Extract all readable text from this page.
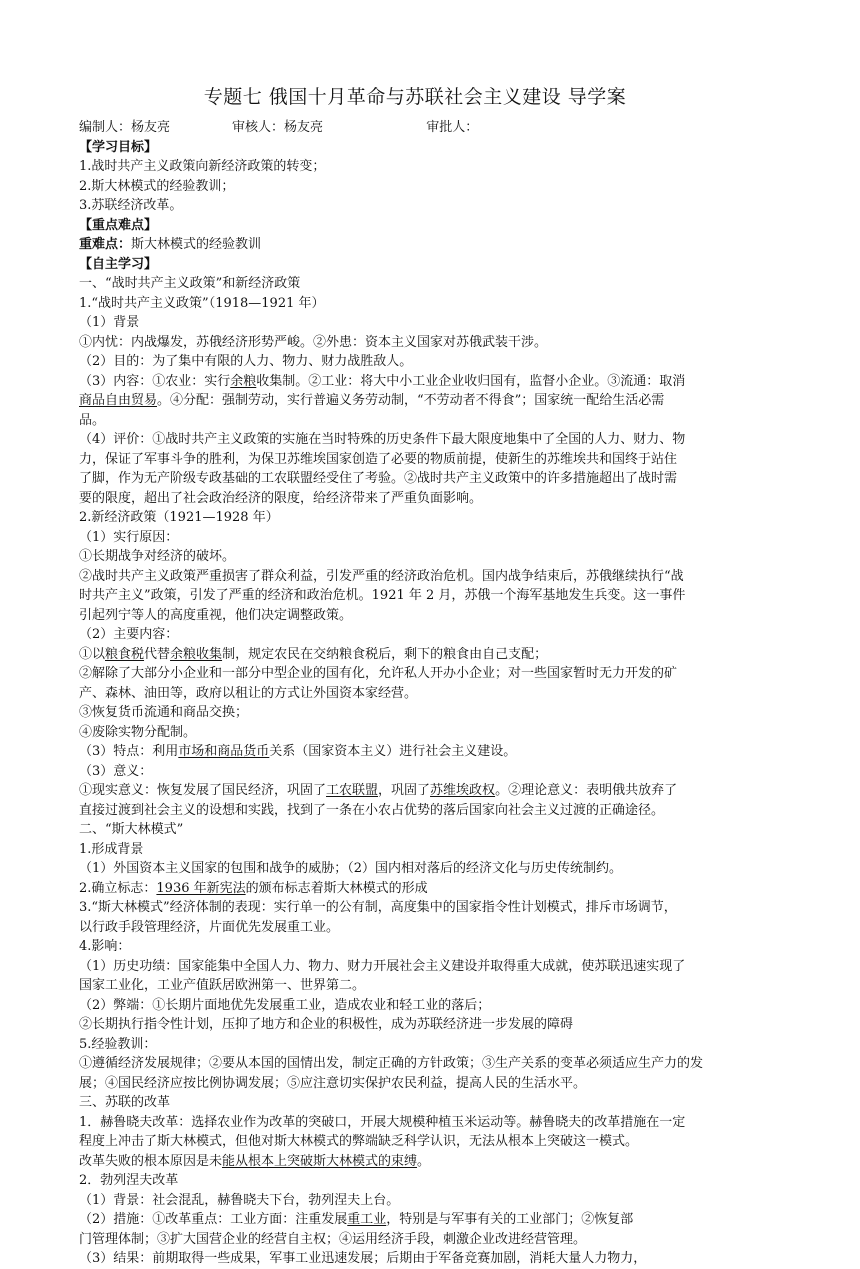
专题七 俄国十月革命与苏联社会主义建设 导学案
编制人：杨友亮               审核人：杨友亮                         审批人：
【学习目标】
1.战时共产主义政策向新经济政策的转变；
2.斯大林模式的经验教训；
3.苏联经济改革。
【重点难点】
重难点：斯大林模式的经验教训
【自主学习】
一、“战时共产主义政策”和新经济政策
1.“战时共产主义政策”（1918—1921 年）
（1）背景
①内忧：内战爆发，苏俄经济形势严峻。②外患：资本主义国家对苏俄武装干涉。
（2）目的：为了集中有限的人力、物力、财力战胜敌人。
（3）内容：①农业：实行余粮收集制。②工业：将大中小工业企业收归国有，监督小企业。③流通：取消
商品自由贸易。④分配：强制劳动，实行普遍义务劳动制，“不劳动者不得食”；国家统一配给生活必需
品。
（4）评价：①战时共产主义政策的实施在当时特殊的历史条件下最大限度地集中了全国的人力、财力、物
力，保证了军事斗争的胜利，为保卫苏维埃国家创造了必要的物质前提，使新生的苏维埃共和国终于站住
了脚，作为无产阶级专政基础的工农联盟经受住了考验。②战时共产主义政策中的许多措施超出了战时需
要的限度，超出了社会政治经济的限度，给经济带来了严重负面影响。
2.新经济政策（1921—1928 年）
（1）实行原因：
①长期战争对经济的破坏。
②战时共产主义政策严重损害了群众利益，引发严重的经济政治危机。国内战争结束后，苏俄继续执行“战
时共产主义”政策，引发了严重的经济和政治危机。1921 年 2 月，苏俄一个海军基地发生兵变。这一事件
引起列宁等人的高度重视，他们决定调整政策。
（2）主要内容：
①以粮食税代替余粮收集制，规定农民在交纳粮食税后，剩下的粮食由自己支配；
②解除了大部分小企业和一部分中型企业的国有化，允许私人开办小企业；对一些国家暂时无力开发的矿
产、森林、油田等，政府以租让的方式让外国资本家经营。
③恢复货币流通和商品交换；
④废除实物分配制。
（3）特点：利用市场和商品货币关系（国家资本主义）进行社会主义建设。
（3）意义：
①现实意义：恢复发展了国民经济，巩固了工农联盟，巩固了苏维埃政权。②理论意义：表明俄共放弃了
直接过渡到社会主义的设想和实践，找到了一条在小农占优势的落后国家向社会主义过渡的正确途径。
二、“斯大林模式”
1.形成背景
（1）外国资本主义国家的包围和战争的威胁；（2）国内相对落后的经济文化与历史传统制约。
2.确立标志：1936 年新宪法的颁布标志着斯大林模式的形成
3.“斯大林模式”经济体制的表现：实行单一的公有制，高度集中的国家指令性计划模式，排斥市场调节，
以行政手段管理经济，片面优先发展重工业。
4.影响：
（1）历史功绩：国家能集中全国人力、物力、财力开展社会主义建设并取得重大成就，使苏联迅速实现了
国家工业化，工业产值跃居欧洲第一、世界第二。
（2）弊端：①长期片面地优先发展重工业，造成农业和轻工业的落后；
②长期执行指令性计划，压抑了地方和企业的积极性，成为苏联经济进一步发展的障碍
5.经验教训：
①遵循经济发展规律；②要从本国的国情出发，制定正确的方针政策；③生产关系的变革必须适应生产力的发
展；④国民经济应按比例协调发展；⑤应注意切实保护农民利益，提高人民的生活水平。
三、苏联的改革
1．赫鲁晓夫改革：选择农业作为改革的突破口，开展大规模种植玉米运动等。赫鲁晓夫的改革措施在一定
程度上冲击了斯大林模式，但他对斯大林模式的弊端缺乏科学认识，无法从根本上突破这一模式。
改革失败的根本原因是未能从根本上突破斯大林模式的束缚。
2．勃列涅夫改革
（1）背景：社会混乱，赫鲁晓夫下台，勃列涅夫上台。
（2）措施：①改革重点：工业方面：注重发展重工业，特别是与军事有关的工业部门；②恢复部
门管理体制；③扩大国营企业的经营自主权；④运用经济手段，刺激企业改进经营管理。
（3）结果：前期取得一些成果，军事工业迅速发展；后期由于军备竞赛加剧，消耗大量人力物力，
